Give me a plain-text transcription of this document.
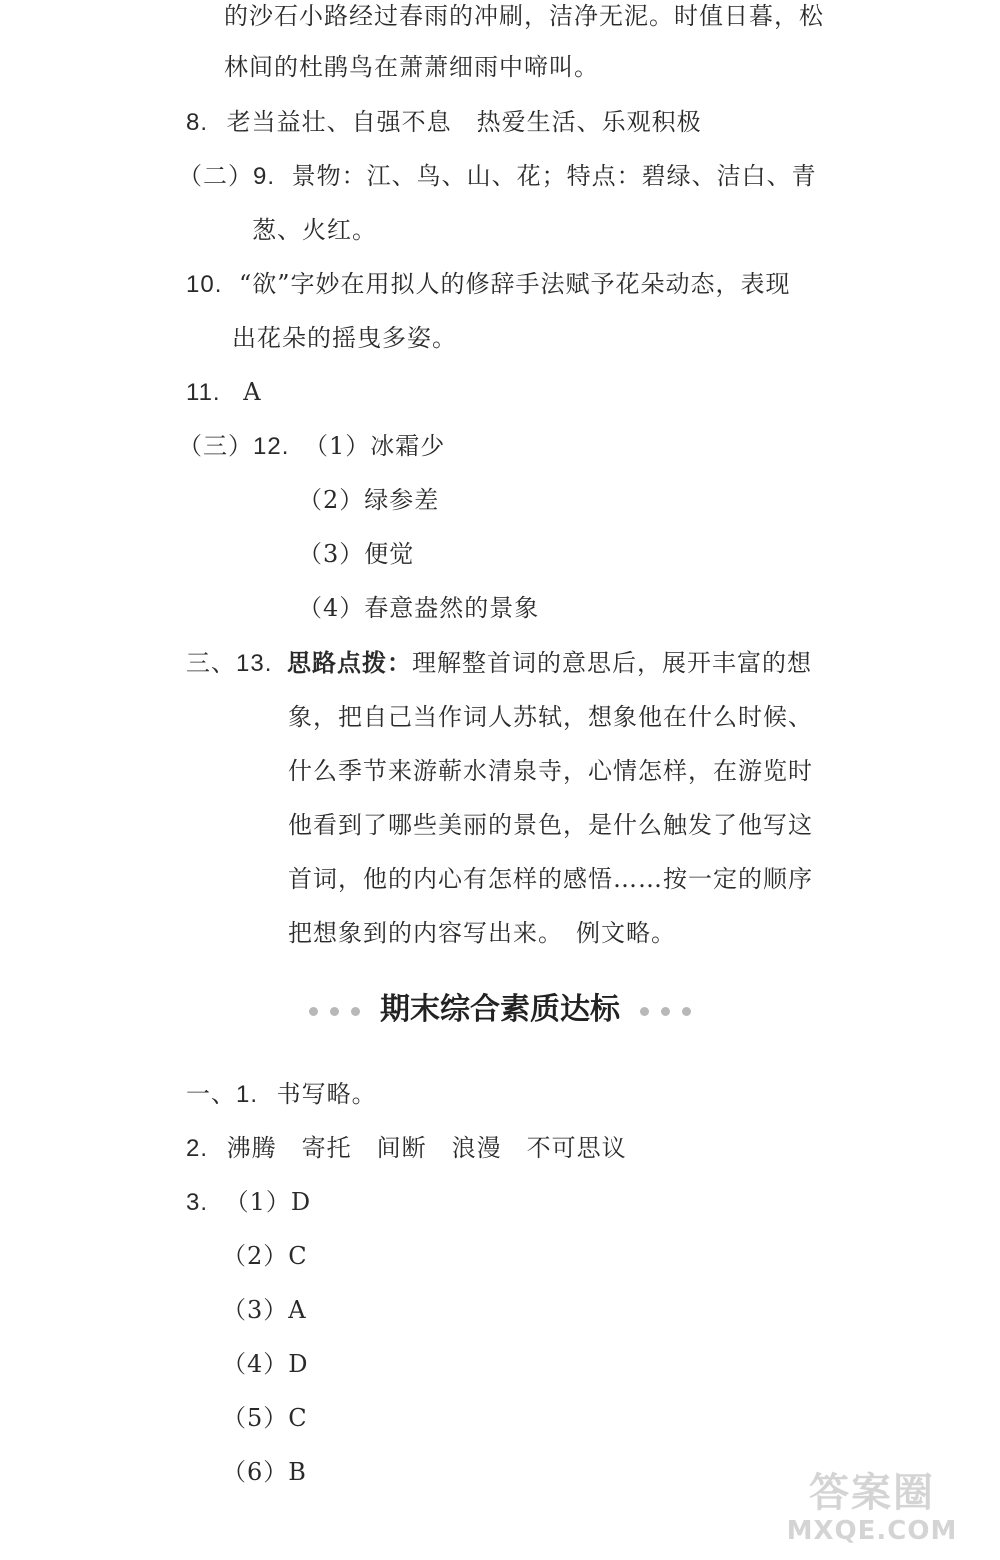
的沙石小路经过春雨的冲刷，洁净无泥。时值日暮，松
林间的杜鹃鸟在萧萧细雨中啼叫。
8. 老当益壮、自强不息　热爱生活、乐观积极
（二）9. 景物：江、鸟、山、花；特点：碧绿、洁白、青
葱、火红。
10. “欲”字妙在用拟人的修辞手法赋予花朵动态，表现
出花朵的摇曳多姿。
11. A
（三）12. （1）冰霜少
（2）绿参差
（3）便觉
（4）春意盎然的景象
三、13. 思路点拨：理解整首词的意思后，展开丰富的想
象，把自己当作词人苏轼，想象他在什么时候、
什么季节来游蕲水清泉寺，心情怎样，在游览时
他看到了哪些美丽的景色，是什么触发了他写这
首词，他的内心有怎样的感悟……按一定的顺序
把想象到的内容写出来。　例文略。
期末综合素质达标
一、1. 书写略。
2. 沸腾　寄托　间断　浪漫　不可思议
3. （1）D
（2）C
（3）A
（4）D
（5）C
（6）B	答案圈
MXQE.COM
